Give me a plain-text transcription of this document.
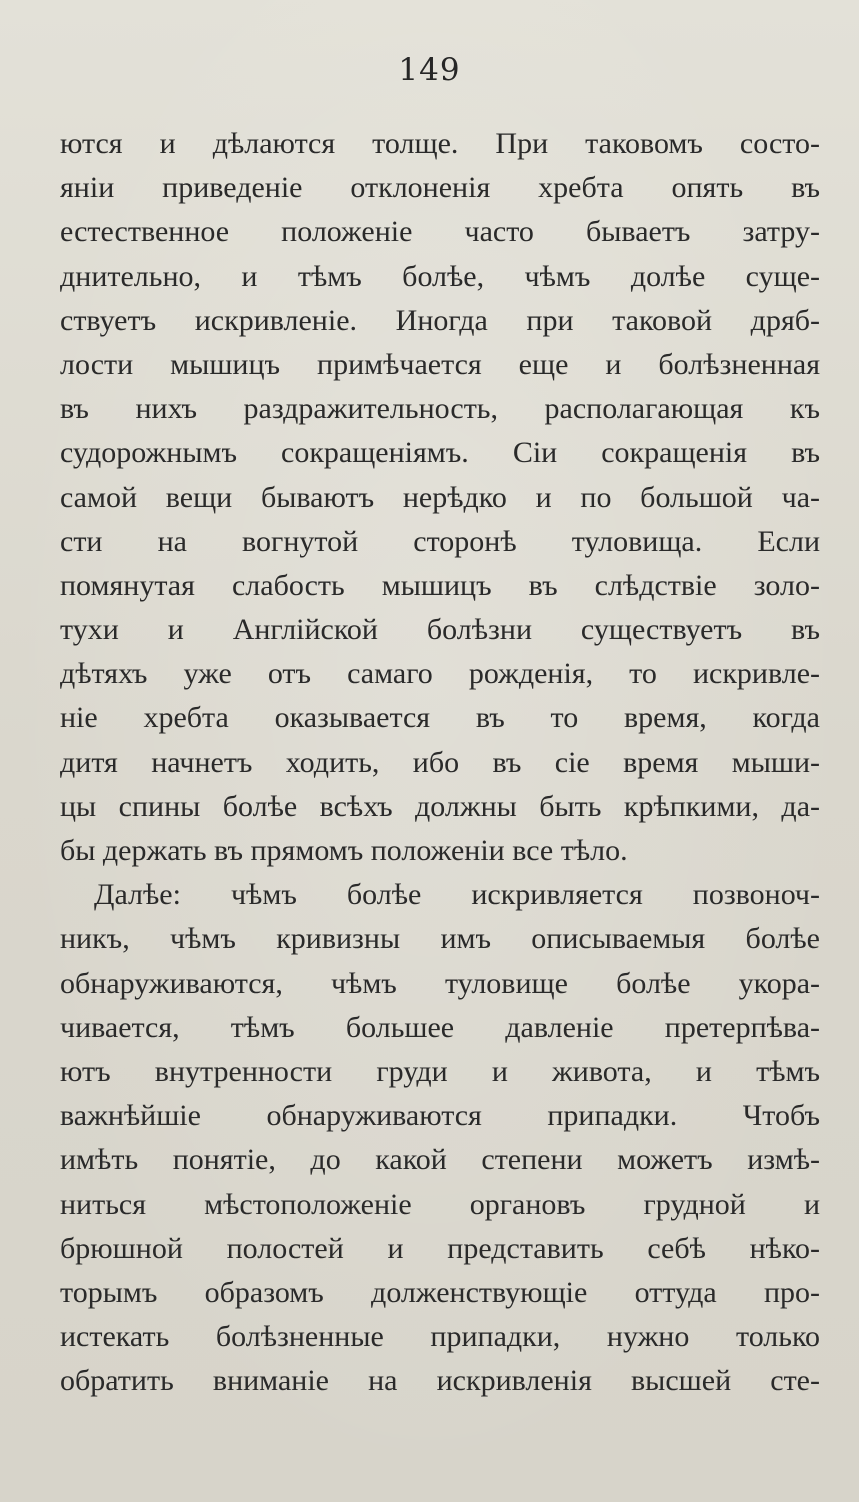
149
ются и дѣлаются толще. При таковомъ состо-
яніи приведеніе отклоненія хребта опять въ
естественное положеніе часто бываетъ затру-
днительно, и тѣмъ болѣе, чѣмъ долѣе суще-
ствуетъ искривленіе. Иногда при таковой дряб-
лости мышицъ примѣчается еще и болѣзненная
въ нихъ раздражительность, располагающая къ
судорожнымъ сокращеніямъ. Сіи сокращенія въ
самой вещи бываютъ нерѣдко и по большой ча-
сти на вогнутой сторонѣ туловища. Если
помянутая слабость мышицъ въ слѣдствіе золо-
тухи и Англійской болѣзни существуетъ въ
дѣтяхъ уже отъ самаго рожденія, то искривле-
ніе хребта оказывается въ то время, когда
дитя начнетъ ходить, ибо въ сіе время мыши-
цы спины болѣе всѣхъ должны быть крѣпкими, да-
бы держать въ прямомъ положеніи все тѣло.
Далѣе: чѣмъ болѣе искривляется позвоноч-
никъ, чѣмъ кривизны имъ описываемыя болѣе
обнаруживаются, чѣмъ туловище болѣе укора-
чивается, тѣмъ большее давленіе претерпѣва-
ютъ внутренности груди и живота, и тѣмъ
важнѣйшіе обнаруживаются припадки. Чтобъ
имѣть понятіе, до какой степени можетъ измѣ-
ниться мѣстоположеніе органовъ грудной и
брюшной полостей и представить себѣ нѣко-
торымъ образомъ долженствующіе оттуда про-
истекать болѣзненные припадки, нужно только
обратить вниманіе на искривленія высшей сте-
